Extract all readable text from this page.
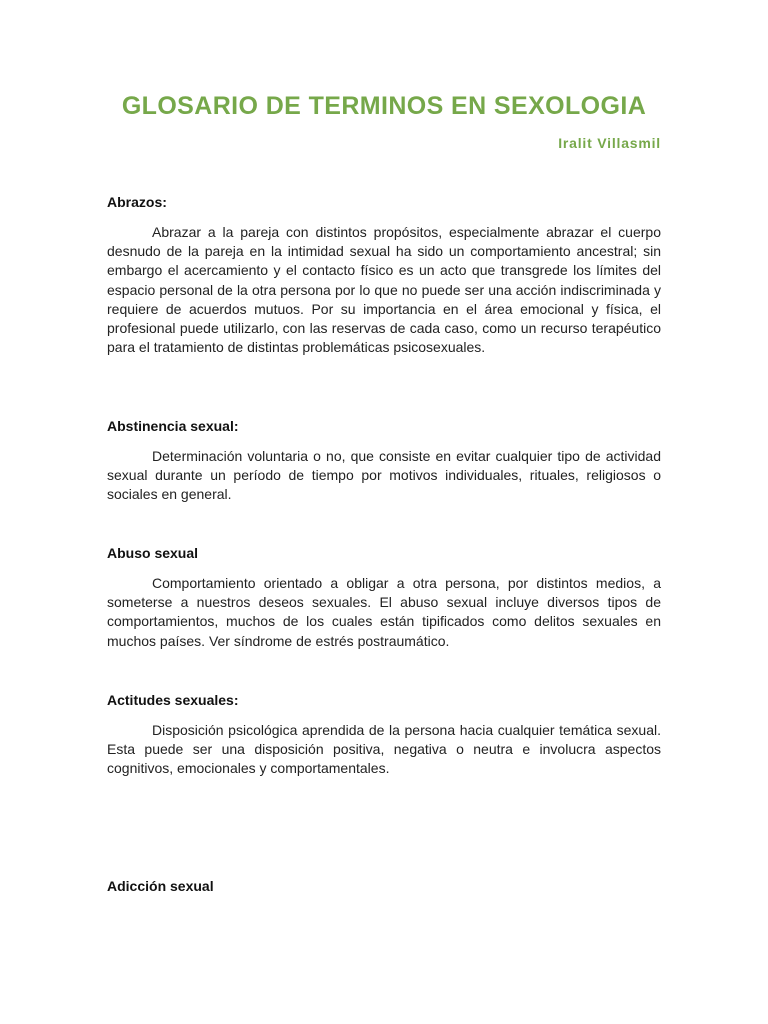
GLOSARIO DE TERMINOS EN SEXOLOGIA

Iralit Villasmil

Abrazos:

Abrazar a la pareja con distintos propósitos, especialmente abrazar el cuerpo desnudo de la pareja en la intimidad sexual ha sido un comportamiento ancestral; sin embargo el acercamiento y el contacto físico es un acto que transgrede los límites del espacio personal de la otra persona por lo que no puede ser una acción indiscriminada y requiere de acuerdos mutuos. Por su importancia en el área emocional y física, el profesional puede utilizarlo, con las reservas de cada caso, como un recurso terapéutico para el tratamiento de distintas problemáticas psicosexuales.

Abstinencia sexual:

Determinación voluntaria o no, que consiste en evitar cualquier tipo de actividad sexual durante un período de tiempo por motivos individuales, rituales, religiosos o sociales en general.

Abuso sexual

Comportamiento orientado a obligar a otra persona, por distintos medios, a someterse a nuestros deseos sexuales. El abuso sexual incluye diversos tipos de comportamientos, muchos de los cuales están tipificados como delitos sexuales en muchos países. Ver síndrome de estrés postraumático.

Actitudes sexuales:

Disposición psicológica aprendida de la persona hacia cualquier temática sexual. Esta puede ser una disposición positiva, negativa o neutra e involucra aspectos cognitivos, emocionales y comportamentales.

Adicción sexual
